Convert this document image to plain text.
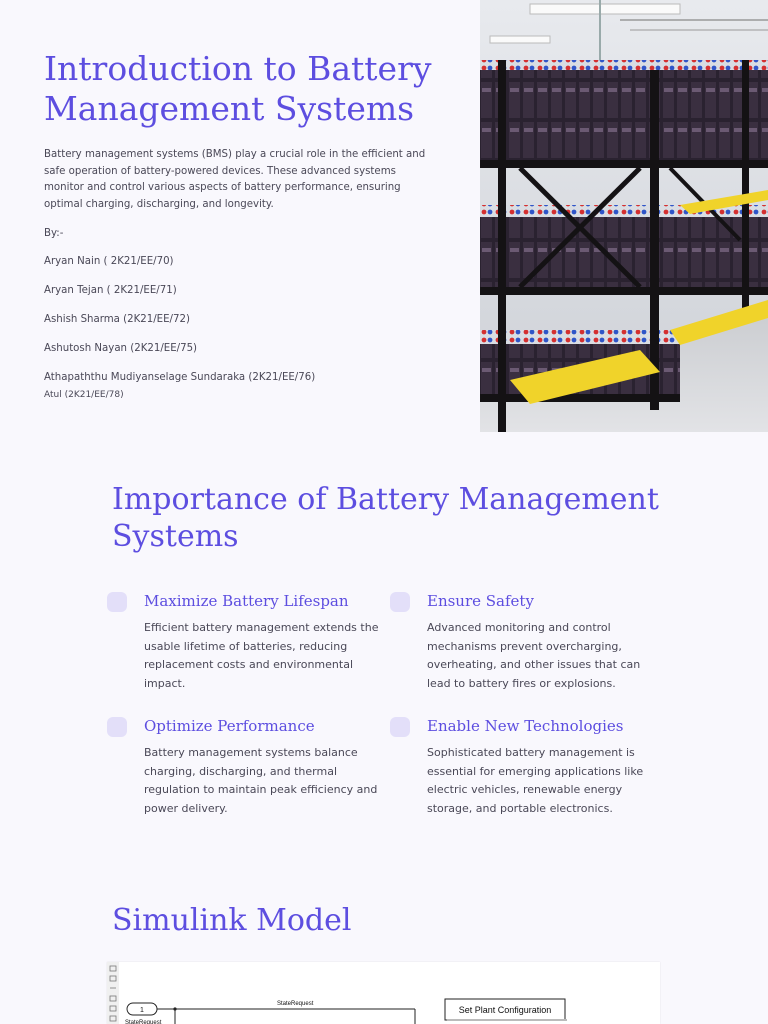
Introduction to Battery Management Systems

Battery management systems (BMS) play a crucial role in the efficient and safe operation of battery-powered devices. These advanced systems monitor and control various aspects of battery performance, ensuring optimal charging, discharging, and longevity.

By:-
Aryan Nain ( 2K21/EE/70)
Aryan Tejan ( 2K21/EE/71)
Ashish Sharma (2K21/EE/72)
Ashutosh Nayan (2K21/EE/75)
Athapaththu Mudiyanselage Sundaraka (2K21/EE/76)
Atul (2K21/EE/78)
Importance of Battery Management Systems
Maximize Battery Lifespan

Efficient battery management extends the usable lifetime of batteries, reducing replacement costs and environmental impact.

Ensure Safety

Advanced monitoring and control mechanisms prevent overcharging, overheating, and other issues that can lead to battery fires or explosions.

Optimize Performance

Battery management systems balance charging, discharging, and thermal regulation to maintain peak efficiency and power delivery.

Enable New Technologies

Sophisticated battery management is essential for emerging applications like electric vehicles, renewable energy storage, and portable electronics.

Simulink Model
1
StateRequest
StateRequest
Set Plant Configuration
